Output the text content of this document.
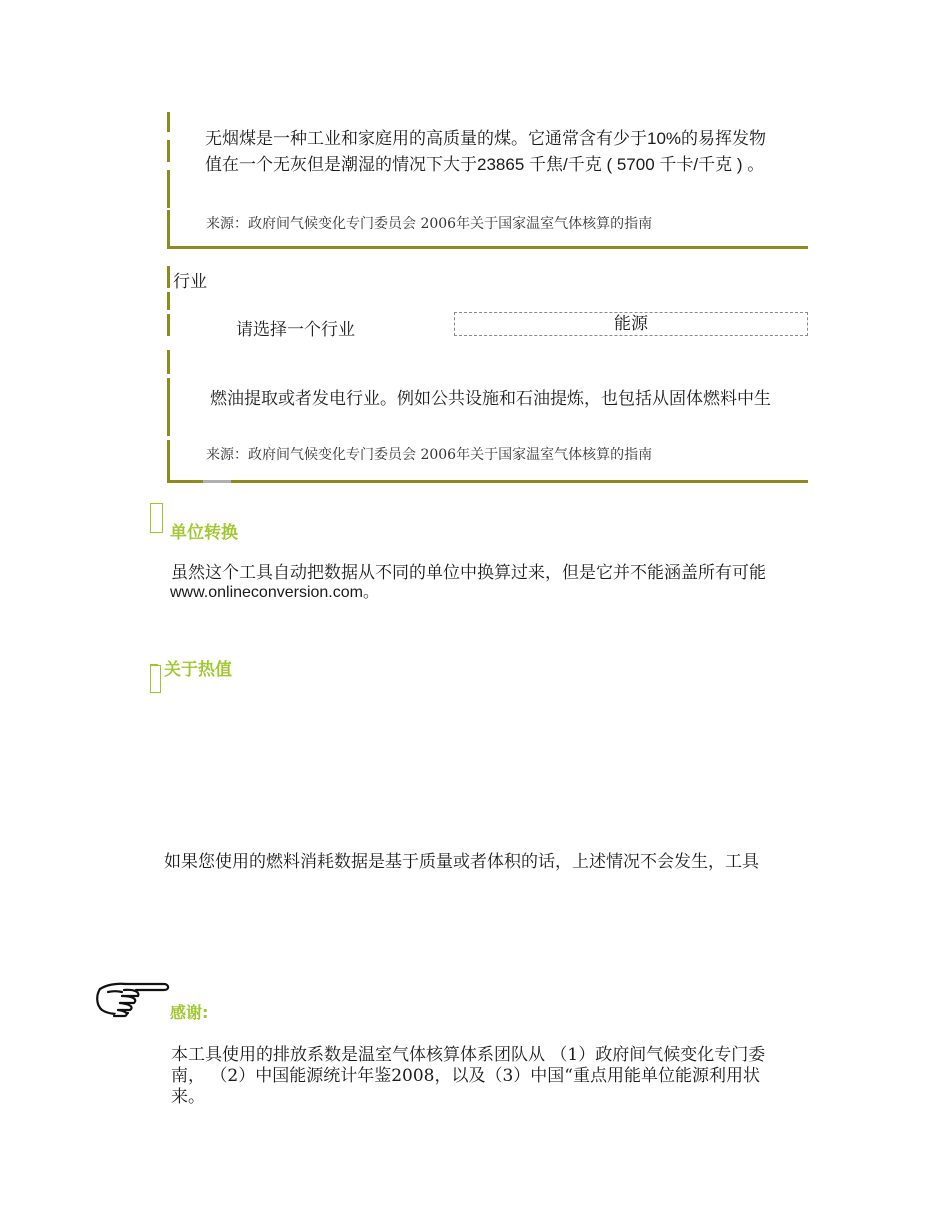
无烟煤是一种工业和家庭用的高质量的煤。它通常含有少于10%的易挥发物
值在一个无灰但是潮湿的情况下大于23865 千焦/千克 ( 5700 千卡/千克 ) 。
来源：政府间气候变化专门委员会 2006年关于国家温室气体核算的指南
行业
请选择一个行业	能源
燃油提取或者发电行业。例如公共设施和石油提炼，也包括从固体燃料中生
来源：政府间气候变化专门委员会 2006年关于国家温室气体核算的指南
单位转换
虽然这个工具自动把数据从不同的单位中换算过来，但是它并不能涵盖所有可能
www.onlineconversion.com。
关于热值
如果您使用的燃料消耗数据是基于质量或者体积的话，上述情况不会发生，工具
感谢:
本工具使用的排放系数是温室气体核算体系团队从 （1）政府间气候变化专门委
南， （2）中国能源统计年鉴2008，以及（3）中国“重点用能单位能源利用状
来。
